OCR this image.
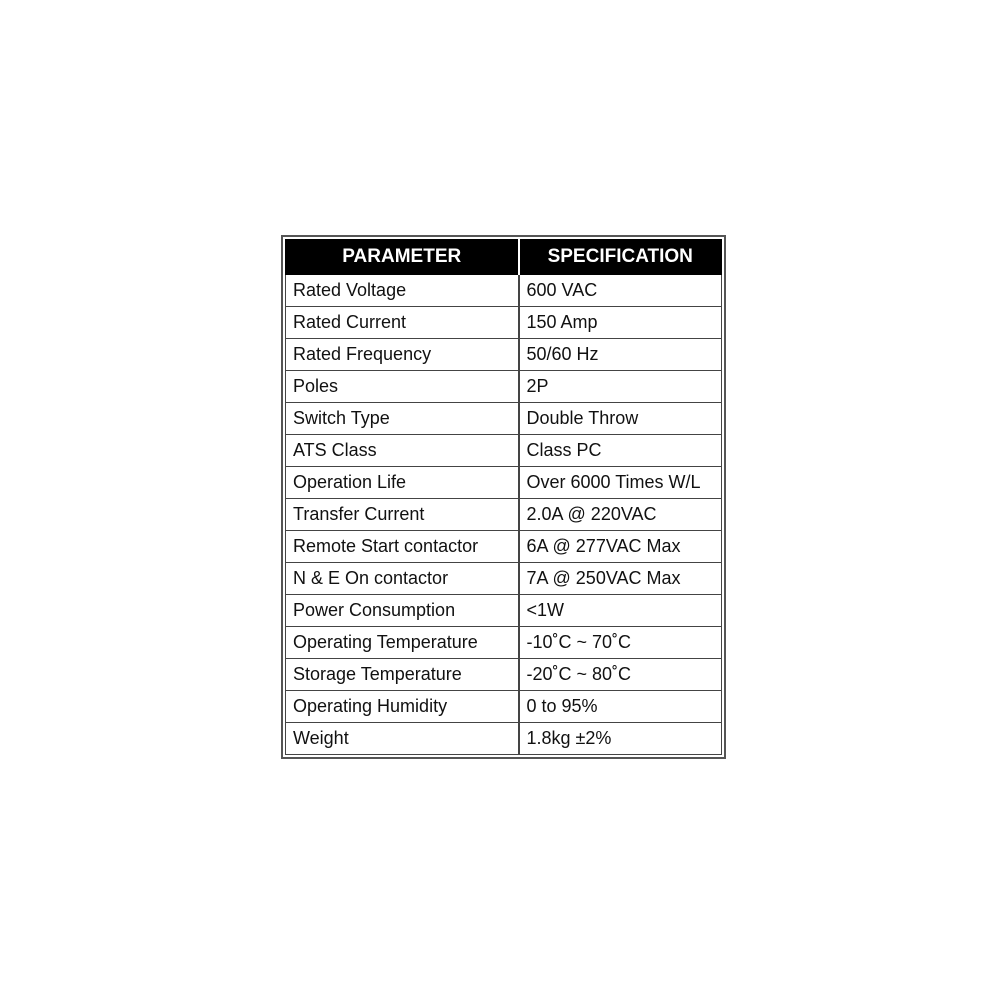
PARAMETER	SPECIFICATION
Rated Voltage	600 VAC
Rated Current	150 Amp
Rated Frequency	50/60 Hz
Poles	2P
Switch Type	Double Throw
ATS Class	Class PC
Operation Life	Over 6000 Times W/L
Transfer Current	2.0A @ 220VAC
Remote Start contactor	6A @ 277VAC Max
N & E On contactor	7A @ 250VAC Max
Power Consumption	<1W
Operating Temperature	-10˚C ~ 70˚C
Storage Temperature	-20˚C ~ 80˚C
Operating Humidity	0 to 95%
Weight	1.8kg ±2%
